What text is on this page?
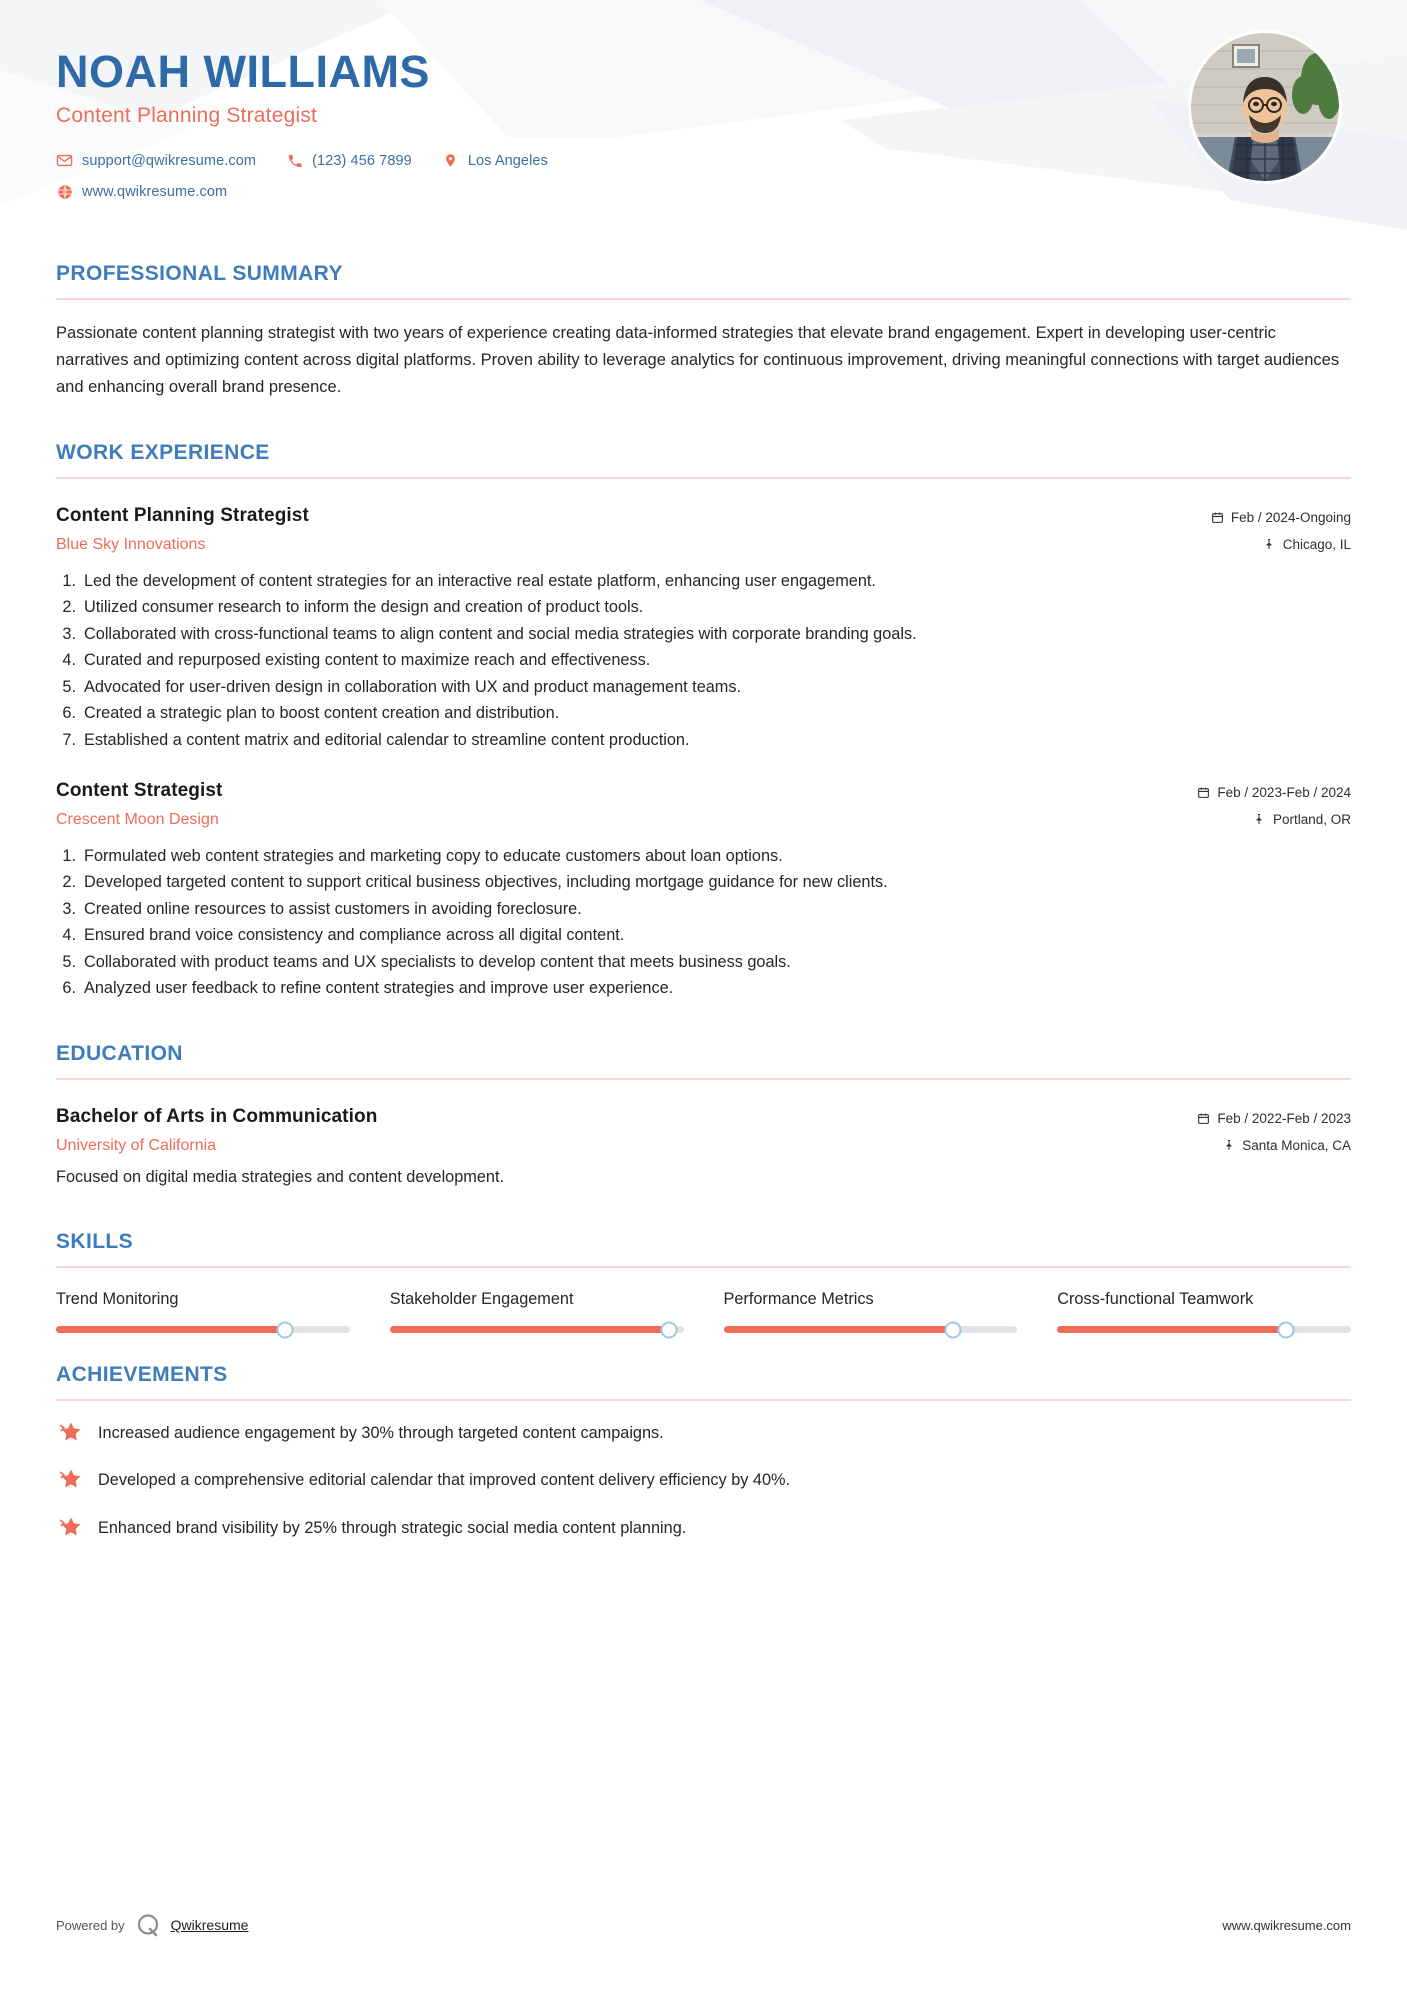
NOAH WILLIAMS
Content Planning Strategist
support@qwikresume.com	(123) 456 7899	Los Angeles
www.qwikresume.com
PROFESSIONAL SUMMARY

Passionate content planning strategist with two years of experience creating data-informed strategies that elevate brand engagement. Expert in developing user-centric narratives and optimizing content across digital platforms. Proven ability to leverage analytics for continuous improvement, driving meaningful connections with target audiences and enhancing overall brand presence.

WORK EXPERIENCE
Content Planning Strategist
Blue Sky Innovations
Feb / 2024-Ongoing
Chicago, IL
1. Led the development of content strategies for an interactive real estate platform, enhancing user engagement.
2. Utilized consumer research to inform the design and creation of product tools.
3. Collaborated with cross-functional teams to align content and social media strategies with corporate branding goals.
4. Curated and repurposed existing content to maximize reach and effectiveness.
5. Advocated for user-driven design in collaboration with UX and product management teams.
6. Created a strategic plan to boost content creation and distribution.
7. Established a content matrix and editorial calendar to streamline content production.
Content Strategist
Crescent Moon Design
Feb / 2023-Feb / 2024
Portland, OR
1. Formulated web content strategies and marketing copy to educate customers about loan options.
2. Developed targeted content to support critical business objectives, including mortgage guidance for new clients.
3. Created online resources to assist customers in avoiding foreclosure.
4. Ensured brand voice consistency and compliance across all digital content.
5. Collaborated with product teams and UX specialists to develop content that meets business goals.
6. Analyzed user feedback to refine content strategies and improve user experience.
EDUCATION
Bachelor of Arts in Communication
University of California
Feb / 2022-Feb / 2023
Santa Monica, CA
Focused on digital media strategies and content development.
SKILLS
Trend Monitoring	Stakeholder Engagement	Performance Metrics	Cross-functional Teamwork
ACHIEVEMENTS
Increased audience engagement by 30% through targeted content campaigns.
Developed a comprehensive editorial calendar that improved content delivery efficiency by 40%.
Enhanced brand visibility by 25% through strategic social media content planning.
Powered by	Qwikresume	www.qwikresume.com
